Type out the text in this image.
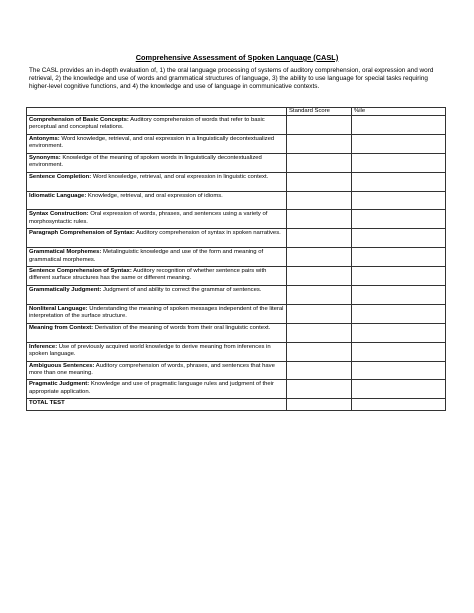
Comprehensive Assessment of Spoken Language (CASL)
The CASL provides an in-depth evaluation of, 1) the oral language processing of systems of auditory comprehension, oral expression and word retrieval, 2) the knowledge and use of words and grammatical structures of language, 3) the ability to use language for special tasks requiring higher-level cognitive functions, and 4) the knowledge and use of language in communicative contexts.
	Standard Score	%ile
Comprehension of Basic Concepts: Auditory comprehension of words that refer to basic perceptual and conceptual relations.		
Antonyms: Word knowledge, retrieval, and oral expression in a linguistically decontextualized environment.		
Synonyms: Knowledge of the meaning of spoken words in linguistically decontextualized environment.		
Sentence Completion: Word knowledge, retrieval, and oral expression in linguistic context.		
Idiomatic Language: Knowledge, retrieval, and oral expression of idioms.		
Syntax Construction: Oral expression of words, phrases, and sentences using a variety of morphosyntactic rules.		
Paragraph Comprehension of Syntax: Auditory comprehension of syntax in spoken narratives.		
Grammatical Morphemes: Metalinguistic knowledge and use of the form and meaning of grammatical morphemes.		
Sentence Comprehension of Syntax: Auditory recognition of whether sentence pairs with different surface structures has the same or different meaning.		
Grammatically Judgment: Judgment of and ability to correct the grammar of sentences.		
Nonliteral Language: Understanding the meaning of spoken messages independent of the literal interpretation of the surface structure.		
Meaning from Context: Derivation of the meaning of words from their oral linguistic context.		
Inference: Use of previously acquired world knowledge to derive meaning from inferences in spoken language.		
Ambiguous Sentences: Auditory comprehension of words, phrases, and sentences that have more than one meaning.		
Pragmatic Judgment: Knowledge and use of pragmatic language rules and judgment of their appropriate application.		
TOTAL TEST		
